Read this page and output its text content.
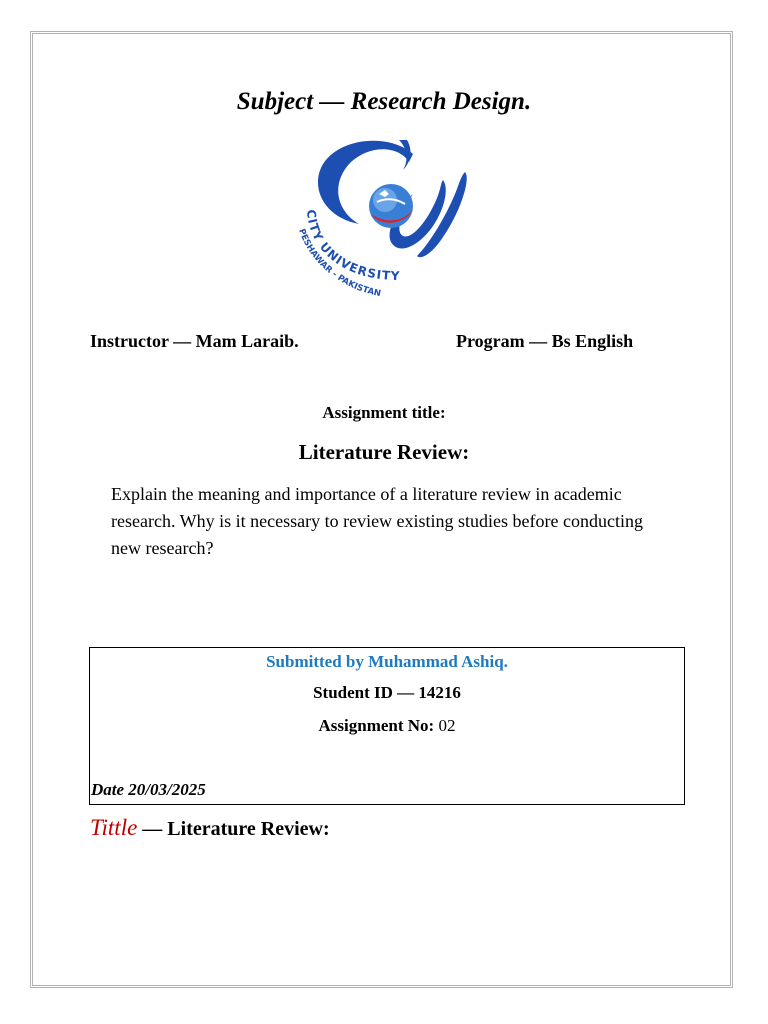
Subject — Research Design.
CITY UNIVERSITY
PESHAWAR - PAKISTAN
Instructor — Mam Laraib.	Program — Bs English
Assignment title:
Literature Review:
Explain the meaning and importance of a literature review in academic research. Why is it necessary to review existing studies before conducting new research?
Submitted by Muhammad Ashiq.
Student ID — 14216
Assignment No: 02
Date 20/03/2025
Tittle — Literature Review:
